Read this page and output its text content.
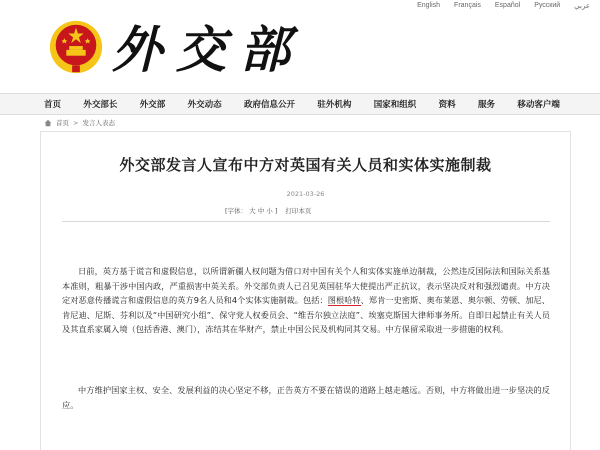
English Français Español Русский عربي
外交部
首页	外交部长	外交部	外交动态	政府信息公开	驻外机构	国家和组织	资料	服务	移动客户端
首页 > 发言人表态
外交部发言人宣布中方对英国有关人员和实体实施制裁
2021-03-26
[字体： 大 中 小 ] 打印本页

日前，英方基于谎言和虚假信息，以所谓新疆人权问题为借口对中国有关个人和实体实施单边制裁，公然违反国际法和国际关系基本准则，粗暴干涉中国内政，严重损害中英关系。外交部负责人已召见英国驻华大使提出严正抗议，表示坚决反对和强烈谴责。中方决定对恶意传播谎言和虚假信息的英方9名人员和4个实体实施制裁。包括：图根哈特、郑肯一史密斯、奥布莱恩、奥尔顿、劳顿、加尼、肯尼迪、尼斯、芬利以及“中国研究小组”、保守党人权委员会、“维吾尔独立法庭”、埃塞克斯国大律师事务所。自即日起禁止有关人员及其直系家属入境（包括香港、澳门），冻结其在华财产，禁止中国公民及机构同其交易。中方保留采取进一步措施的权利。

中方维护国家主权、安全、发展利益的决心坚定不移，正告英方不要在错误的道路上越走越远。否则，中方将做出进一步坚决的反应。
